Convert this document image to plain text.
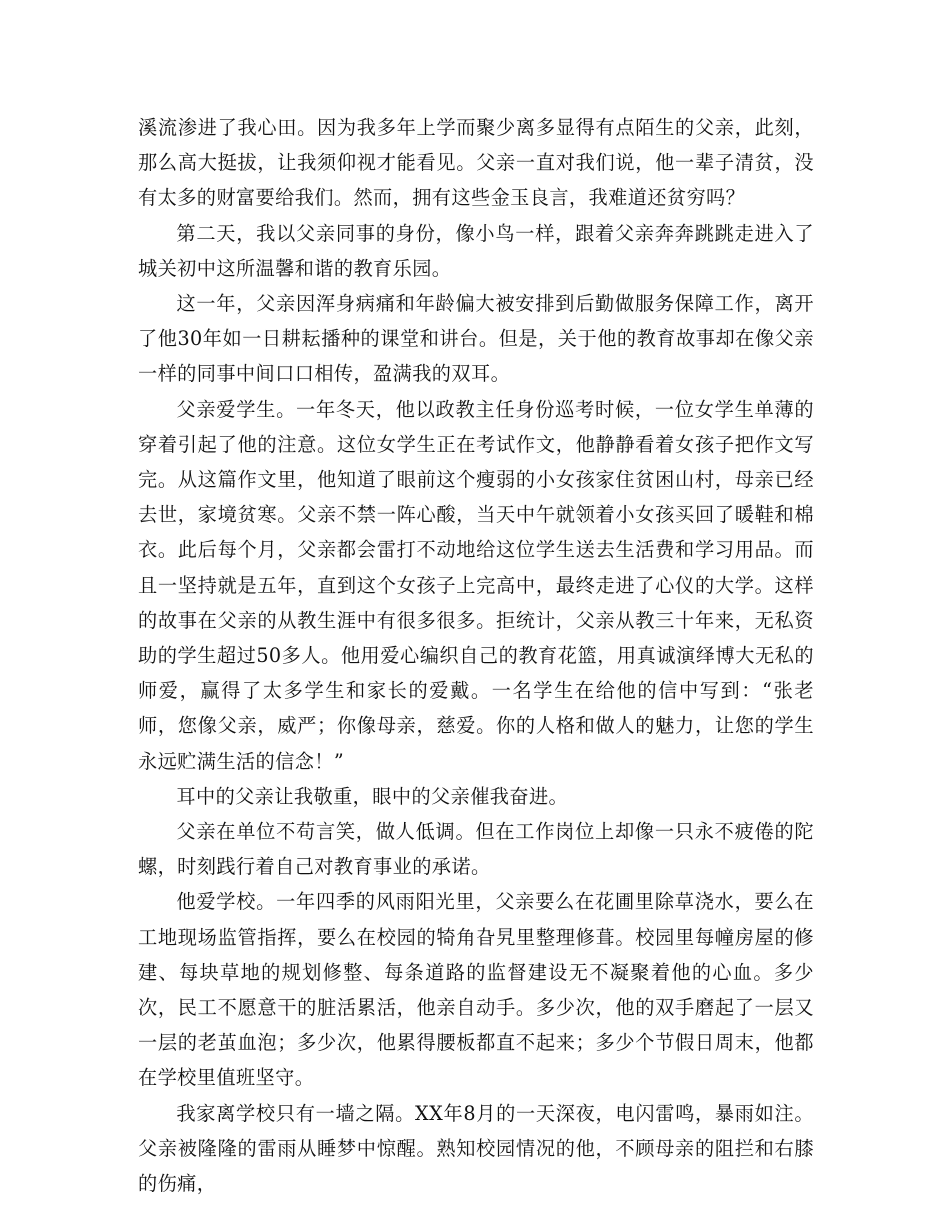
溪流渗进了我心田。因为我多年上学而聚少离多显得有点陌生的父亲，此刻，那么高大挺拔，让我须仰视才能看见。父亲一直对我们说，他一辈子清贫，没有太多的财富要给我们。然而，拥有这些金玉良言，我难道还贫穷吗？

第二天，我以父亲同事的身份，像小鸟一样，跟着父亲奔奔跳跳走进入了城关初中这所温馨和谐的教育乐园。

这一年，父亲因浑身病痛和年龄偏大被安排到后勤做服务保障工作，离开了他30年如一日耕耘播种的课堂和讲台。但是，关于他的教育故事却在像父亲一样的同事中间口口相传，盈满我的双耳。

父亲爱学生。一年冬天，他以政教主任身份巡考时候，一位女学生单薄的穿着引起了他的注意。这位女学生正在考试作文，他静静看着女孩子把作文写完。从这篇作文里，他知道了眼前这个瘦弱的小女孩家住贫困山村，母亲已经去世，家境贫寒。父亲不禁一阵心酸，当天中午就领着小女孩买回了暖鞋和棉衣。此后每个月，父亲都会雷打不动地给这位学生送去生活费和学习用品。而且一坚持就是五年，直到这个女孩子上完高中，最终走进了心仪的大学。这样的故事在父亲的从教生涯中有很多很多。拒统计，父亲从教三十年来，无私资助的学生超过50多人。他用爱心编织自己的教育花篮，用真诚演绎博大无私的师爱，赢得了太多学生和家长的爱戴。一名学生在给他的信中写到：“张老师，您像父亲，威严；你像母亲，慈爱。你的人格和做人的魅力，让您的学生永远贮满生活的信念！”

耳中的父亲让我敬重，眼中的父亲催我奋进。

父亲在单位不苟言笑，做人低调。但在工作岗位上却像一只永不疲倦的陀螺，时刻践行着自己对教育事业的承诺。

他爱学校。一年四季的风雨阳光里，父亲要么在花圃里除草浇水，要么在工地现场监管指挥，要么在校园的犄角旮旯里整理修葺。校园里每幢房屋的修建、每块草地的规划修整、每条道路的监督建设无不凝聚着他的心血。多少次，民工不愿意干的脏活累活，他亲自动手。多少次，他的双手磨起了一层又一层的老茧血泡；多少次，他累得腰板都直不起来；多少个节假日周末，他都在学校里值班坚守。

我家离学校只有一墙之隔。XX年8月的一天深夜，电闪雷鸣，暴雨如注。父亲被隆隆的雷雨从睡梦中惊醒。熟知校园情况的他，不顾母亲的阻拦和右膝的伤痛，
